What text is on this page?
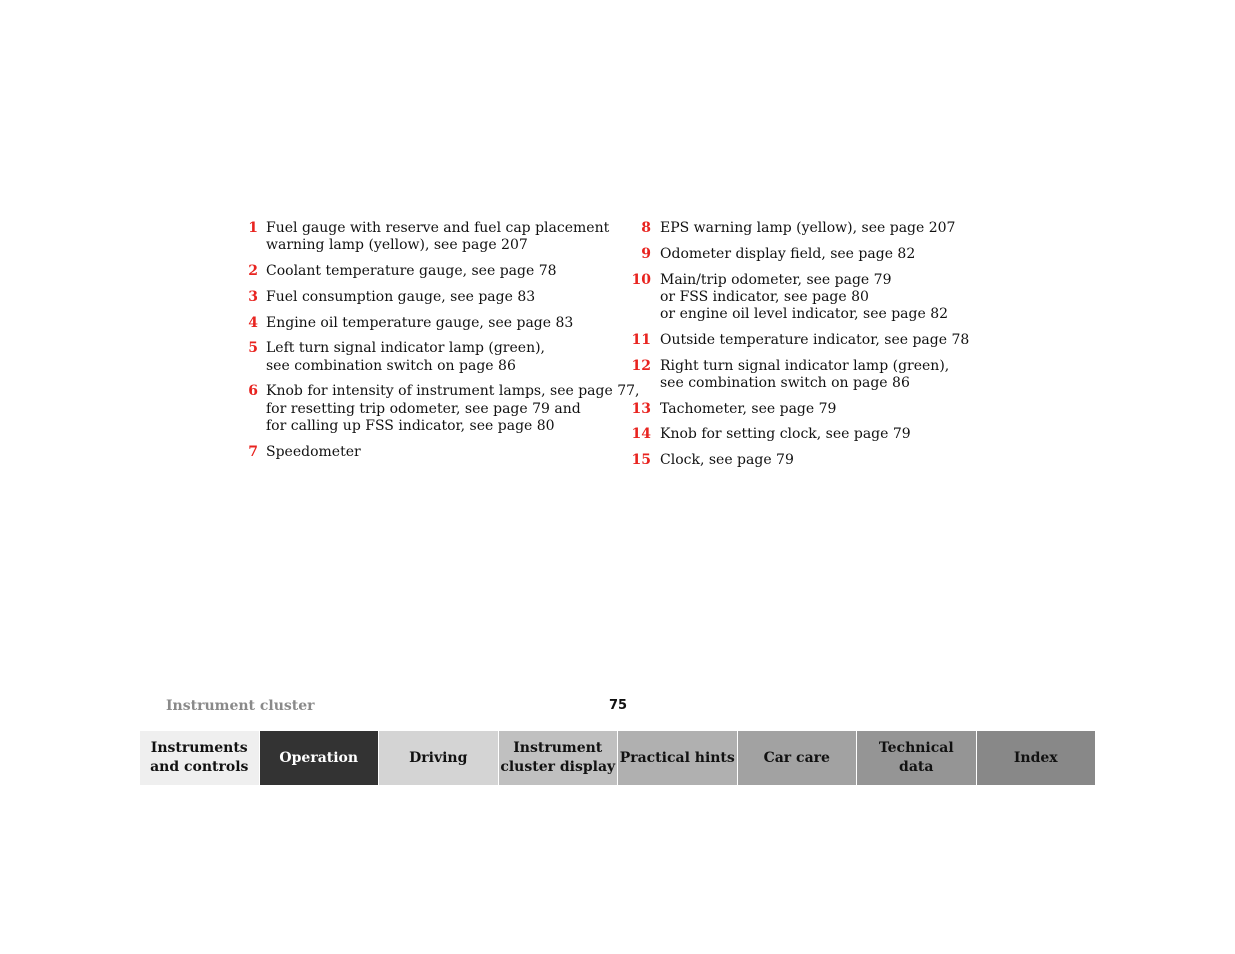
1 Fuel gauge with reserve and fuel cap placement
warning lamp (yellow), see page 207
2 Coolant temperature gauge, see page 78
3 Fuel consumption gauge, see page 83
4 Engine oil temperature gauge, see page 83
5 Left turn signal indicator lamp (green),
see combination switch on page 86
6 Knob for intensity of instrument lamps, see page 77,
for resetting trip odometer, see page 79 and
for calling up FSS indicator, see page 80
7 Speedometer
8 EPS warning lamp (yellow), see page 207
9 Odometer display field, see page 82
10 Main/trip odometer, see page 79
or FSS indicator, see page 80
or engine oil level indicator, see page 82
11 Outside temperature indicator, see page 78
12 Right turn signal indicator lamp (green),
see combination switch on page 86
13 Tachometer, see page 79
14 Knob for setting clock, see page 79
15 Clock, see page 79
Instrument cluster	75
Instruments
and controls
Operation	Driving
Instrument
cluster display
Practical hints Car care
Technical
data
Index
